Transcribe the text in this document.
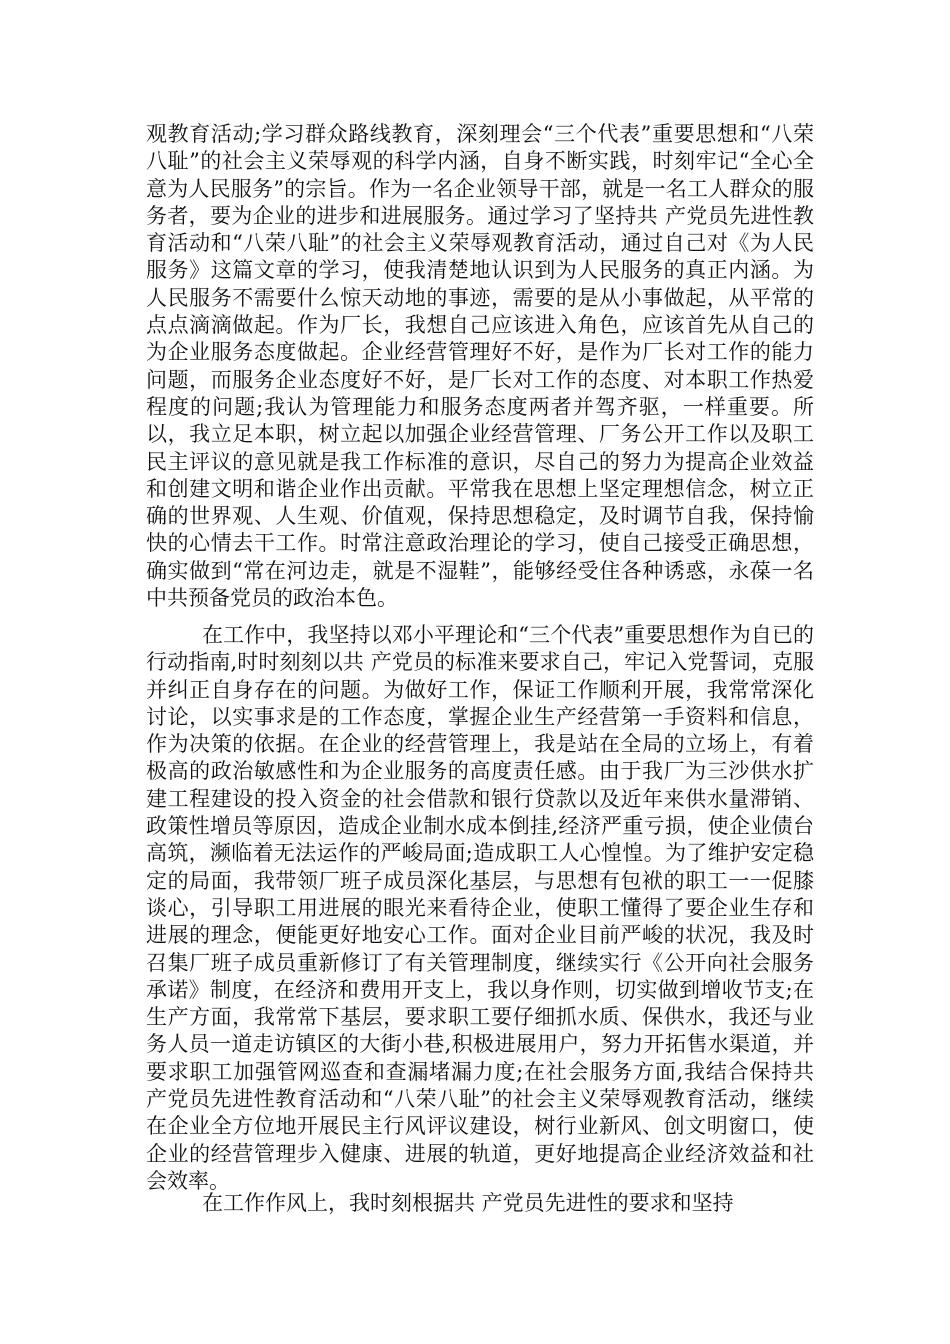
观教育活动;学习群众路线教育，深刻理会“三个代表”重要思想和“八荣八耻”的社会主义荣辱观的科学内涵，自身不断实践，时刻牢记“全心全意为人民服务”的宗旨。作为一名企业领导干部，就是一名工人群众的服务者，要为企业的进步和进展服务。通过学习了坚持共 产党员先进性教育活动和“八荣八耻”的社会主义荣辱观教育活动，通过自己对《为人民服务》这篇文章的学习，使我清楚地认识到为人民服务的真正内涵。为人民服务不需要什么惊天动地的事迹，需要的是从小事做起，从平常的点点滴滴做起。作为厂长，我想自己应该进入角色，应该首先从自己的为企业服务态度做起。企业经营管理好不好，是作为厂长对工作的能力问题，而服务企业态度好不好，是厂长对工作的态度、对本职工作热爱程度的问题;我认为管理能力和服务态度两者并驾齐驱，一样重要。所以，我立足本职，树立起以加强企业经营管理、厂务公开工作以及职工民主评议的意见就是我工作标准的意识，尽自己的努力为提高企业效益和创建文明和谐企业作出贡献。平常我在思想上坚定理想信念，树立正确的世界观、人生观、价值观，保持思想稳定，及时调节自我，保持愉快的心情去干工作。时常注意政治理论的学习，使自己接受正确思想，确实做到“常在河边走，就是不湿鞋”，能够经受住各种诱惑，永葆一名中共预备党员的政治本色。

在工作中，我坚持以邓小平理论和“三个代表”重要思想作为自已的行动指南,时时刻刻以共 产党员的标准来要求自己，牢记入党誓词，克服并纠正自身存在的问题。为做好工作，保证工作顺利开展，我常常深化讨论，以实事求是的工作态度，掌握企业生产经营第一手资料和信息，作为决策的依据。在企业的经营管理上，我是站在全局的立场上，有着极高的政治敏感性和为企业服务的高度责任感。由于我厂为三沙供水扩建工程建设的投入资金的社会借款和银行贷款以及近年来供水量滞销、政策性增员等原因，造成企业制水成本倒挂,经济严重亏损，使企业债台高筑，濒临着无法运作的严峻局面;造成职工人心惶惶。为了维护安定稳定的局面，我带领厂班子成员深化基层，与思想有包袱的职工一一促膝谈心，引导职工用进展的眼光来看待企业，使职工懂得了要企业生存和进展的理念，便能更好地安心工作。面对企业目前严峻的状况，我及时召集厂班子成员重新修订了有关管理制度，继续实行《公开向社会服务承诺》制度，在经济和费用开支上，我以身作则，切实做到增收节支;在生产方面，我常常下基层，要求职工要仔细抓水质、保供水，我还与业务人员一道走访镇区的大街小巷,积极进展用户，努力开拓售水渠道，并要求职工加强管网巡查和查漏堵漏力度;在社会服务方面,我结合保持共 产党员先进性教育活动和“八荣八耻”的社会主义荣辱观教育活动，继续在企业全方位地开展民主行风评议建设，树行业新风、创文明窗口，使企业的经营管理步入健康、进展的轨道，更好地提高企业经济效益和社会效率。

在工作作风上，我时刻根据共 产党员先进性的要求和坚持
